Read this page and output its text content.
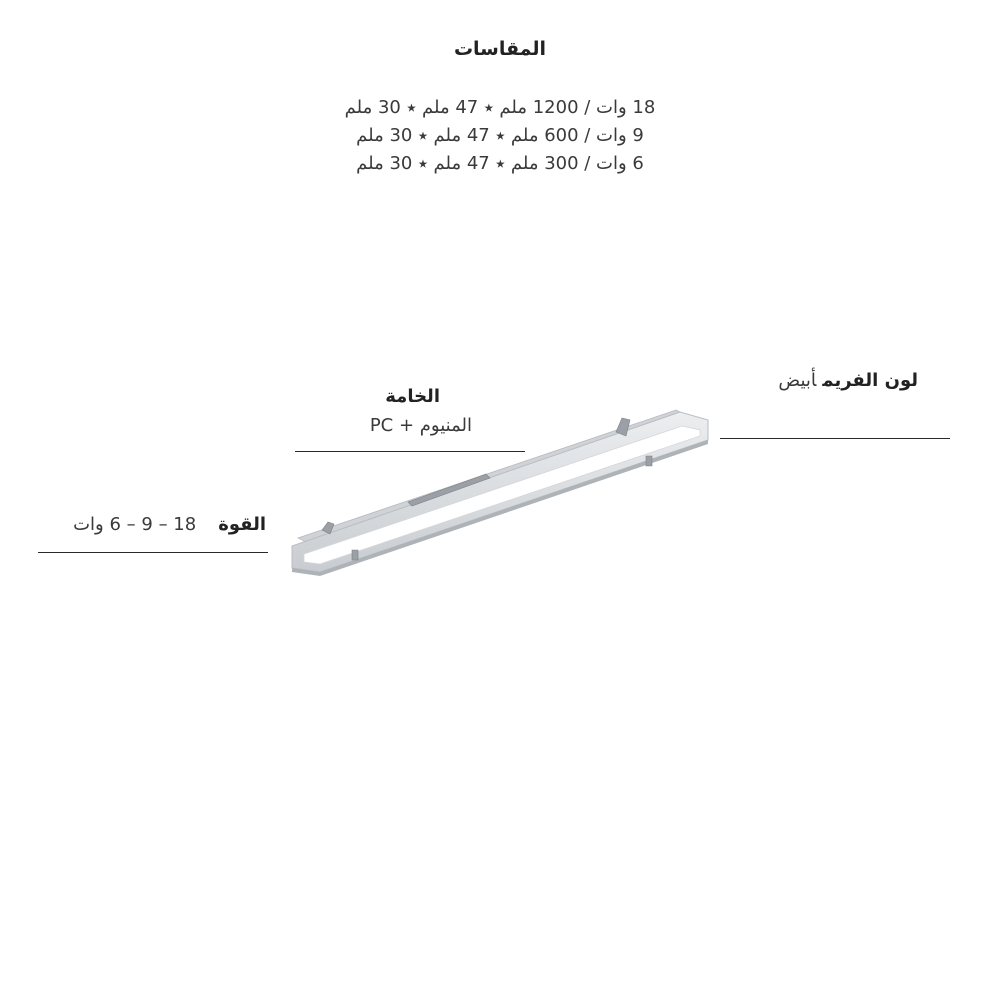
المقاسات
18 وات / 1200 ملم ⭑ 47 ملم ⭑ 30 ملم
9 وات / 600 ملم ⭑ 47 ملم ⭑ 30 ملم
6 وات / 300 ملم ⭑ 47 ملم ⭑ 30 ملم
لون الفريمأبيض
الخامة
المنيوم + PC
القوة18 – 9 – 6 وات
